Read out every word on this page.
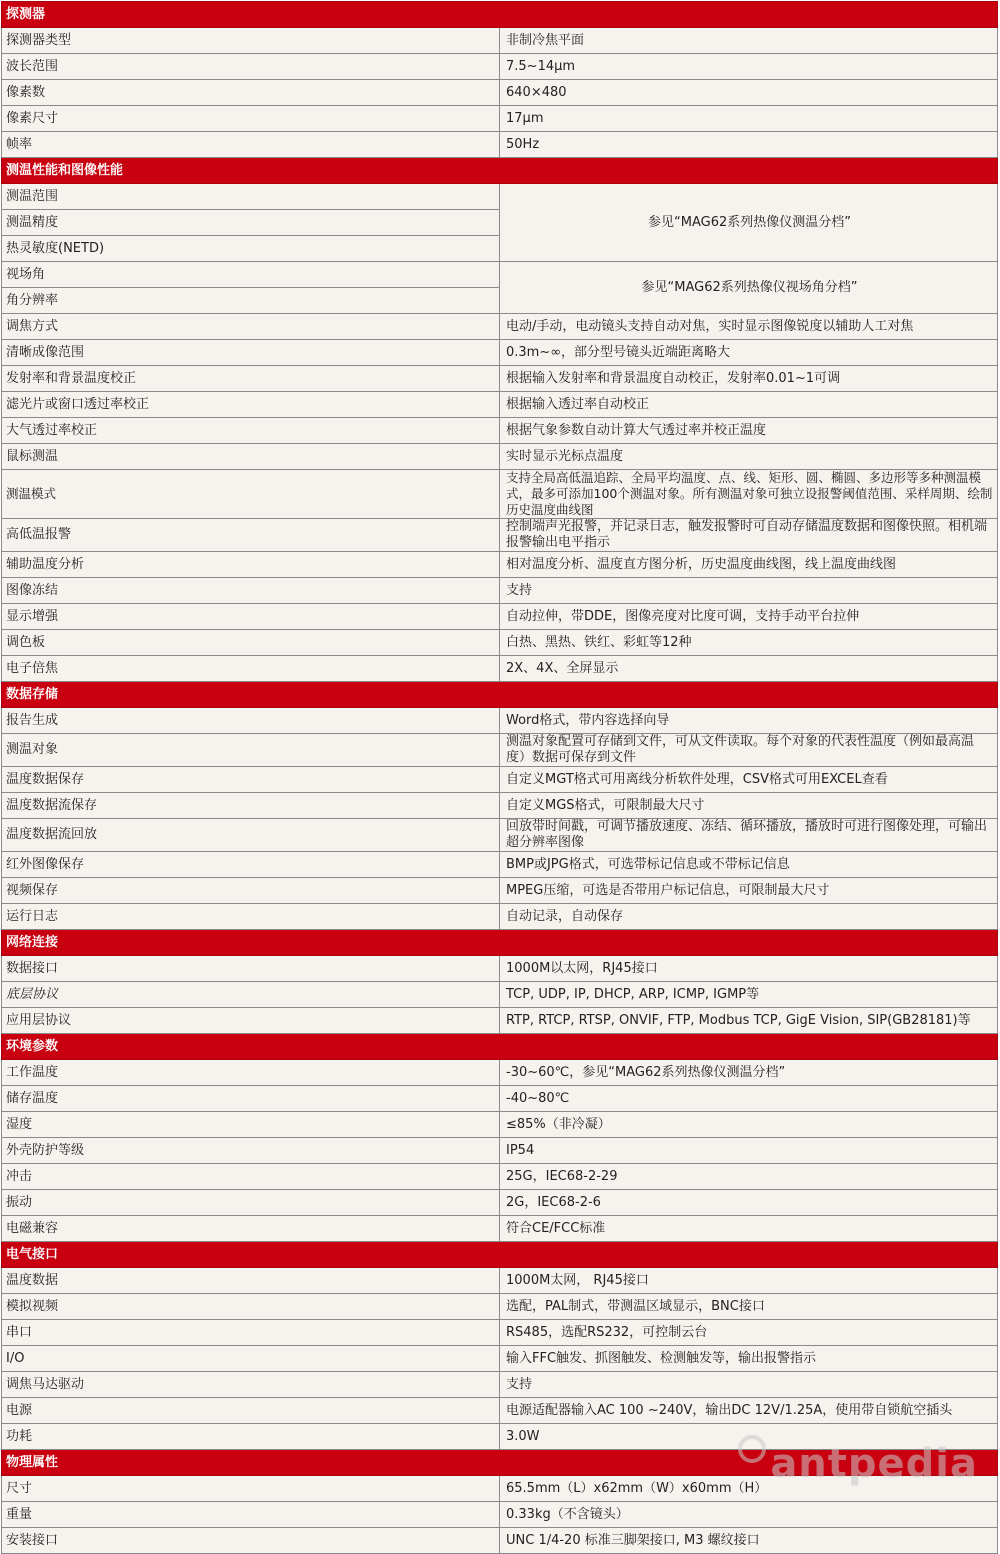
探测器	
探测器类型	非制冷焦平面
波长范围	7.5~14μm
像素数	640×480
像素尺寸	17μm
帧率	50Hz
测温性能和图像性能	
测温范围	参见“MAG62系列热像仪测温分档”
测温精度	
热灵敏度(NETD)	
视场角	参见“MAG62系列热像仪视场角分档”
角分辨率	
调焦方式	电动/手动，电动镜头支持自动对焦，实时显示图像锐度以辅助人工对焦
清晰成像范围	0.3m~∞，部分型号镜头近端距离略大
发射率和背景温度校正	根据输入发射率和背景温度自动校正，发射率0.01~1可调
滤光片或窗口透过率校正	根据输入透过率自动校正
大气透过率校正	根据气象参数自动计算大气透过率并校正温度
鼠标测温	实时显示光标点温度
测温模式	支持全局高低温追踪、全局平均温度、点、线、矩形、圆、椭圆、多边形等多种测温模式，最多可添加100个测温对象。所有测温对象可独立设报警阈值范围、采样周期、绘制历史温度曲线图
高低温报警	控制端声光报警，并记录日志，触发报警时可自动存储温度数据和图像快照。相机端报警输出电平指示
辅助温度分析	相对温度分析、温度直方图分析，历史温度曲线图，线上温度曲线图
图像冻结	支持
显示增强	自动拉伸，带DDE，图像亮度对比度可调，支持手动平台拉伸
调色板	白热、黑热、铁红、彩虹等12种
电子倍焦	2X、4X、全屏显示
数据存储	
报告生成	Word格式，带内容选择向导
测温对象	测温对象配置可存储到文件，可从文件读取。每个对象的代表性温度（例如最高温度）数据可保存到文件
温度数据保存	自定义MGT格式可用离线分析软件处理，CSV格式可用EXCEL查看
温度数据流保存	自定义MGS格式，可限制最大尺寸
温度数据流回放	回放带时间戳，可调节播放速度、冻结、循环播放，播放时可进行图像处理，可输出超分辨率图像
红外图像保存	BMP或JPG格式，可选带标记信息或不带标记信息
视频保存	MPEG压缩，可选是否带用户标记信息，可限制最大尺寸
运行日志	自动记录，自动保存
网络连接	
数据接口	1000M以太网，RJ45接口
底层协议	TCP, UDP, IP, DHCP, ARP, ICMP, IGMP等
应用层协议	RTP, RTCP, RTSP, ONVIF, FTP, Modbus TCP, GigE Vision, SIP(GB28181)等
环境参数	
工作温度	-30~60℃，参见“MAG62系列热像仪测温分档”
储存温度	-40~80℃
湿度	≤85%（非冷凝）
外壳防护等级	IP54
冲击	25G，IEC68-2-29
振动	2G，IEC68-2-6
电磁兼容	符合CE/FCC标准
电气接口	
温度数据	1000M太网， RJ45接口
模拟视频	选配，PAL制式，带测温区域显示，BNC接口
串口	RS485，选配RS232，可控制云台
I/O	输入FFC触发、抓图触发、检测触发等，输出报警指示
调焦马达驱动	支持
电源	电源适配器输入AC 100 ~240V，输出DC 12V/1.25A，使用带自锁航空插头
功耗	3.0W
物理属性	
尺寸	65.5mm（L）x62mm（W）x60mm（H）
重量	0.33kg（不含镜头）
安装接口	UNC 1/4-20 标准三脚架接口, M3 螺纹接口
antpedia
